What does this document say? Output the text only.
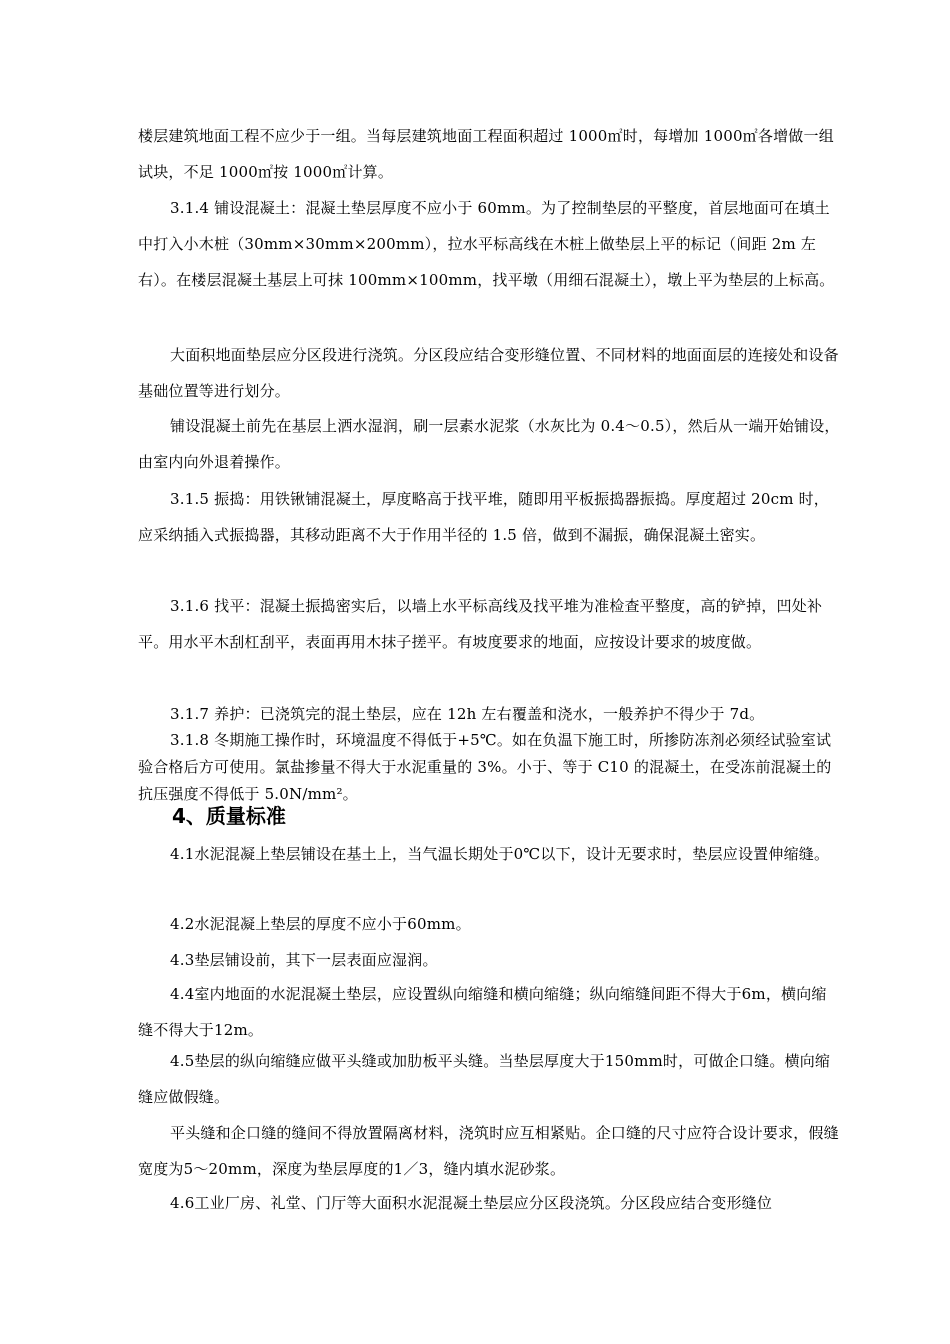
楼层建筑地面工程不应少于一组。当每层建筑地面工程面积超过 1000㎡时，每增加 1000㎡各增做一组试块，不足 1000㎡按 1000㎡计算。

3.1.4 铺设混凝土：混凝土垫层厚度不应小于 60mm。为了控制垫层的平整度，首层地面可在填土中打入小木桩（30mm×30mm×200mm），拉水平标高线在木桩上做垫层上平的标记（间距 2m 左右）。在楼层混凝土基层上可抹 100mm×100mm，找平墩（用细石混凝土），墩上平为垫层的上标高。

大面积地面垫层应分区段进行浇筑。分区段应结合变形缝位置、不同材料的地面面层的连接处和设备基础位置等进行划分。

铺设混凝土前先在基层上洒水湿润，刷一层素水泥浆（水灰比为 0.4～0.5），然后从一端开始铺设，由室内向外退着操作。

3.1.5 振捣：用铁锹铺混凝土，厚度略高于找平堆，随即用平板振捣器振捣。厚度超过 20cm 时，应采纳插入式振捣器，其移动距离不大于作用半径的 1.5 倍，做到不漏振，确保混凝土密实。

3.1.6 找平：混凝土振捣密实后，以墙上水平标高线及找平堆为准检查平整度，高的铲掉，凹处补平。用水平木刮杠刮平，表面再用木抹子搓平。有坡度要求的地面，应按设计要求的坡度做。

3.1.7 养护：已浇筑完的混土垫层，应在 12h 左右覆盖和浇水，一般养护不得少于 7d。

3.1.8 冬期施工操作时，环境温度不得低于+5℃。如在负温下施工时，所掺防冻剂必须经试验室试验合格后方可使用。氯盐掺量不得大于水泥重量的 3%。小于、等于 C10 的混凝土，在受冻前混凝土的抗压强度不得低于 5.0N/mm²。

4、质量标准

4.1水泥混凝上垫层铺设在基土上，当气温长期处于0℃以下，设计无要求时，垫层应设置伸缩缝。

4.2水泥混凝上垫层的厚度不应小于60mm。

4.3垫层铺设前，其下一层表面应湿润。

4.4室内地面的水泥混凝土垫层，应设置纵向缩缝和横向缩缝；纵向缩缝间距不得大于6m，横向缩缝不得大于12m。

4.5垫层的纵向缩缝应做平头缝或加肋板平头缝。当垫层厚度大于150mm时，可做企口缝。横向缩缝应做假缝。

平头缝和企口缝的缝间不得放置隔离材料，浇筑时应互相紧贴。企口缝的尺寸应符合设计要求，假缝宽度为5～20mm，深度为垫层厚度的1／3，缝内填水泥砂浆。

4.6工业厂房、礼堂、门厅等大面积水泥混凝土垫层应分区段浇筑。分区段应结合变形缝位
